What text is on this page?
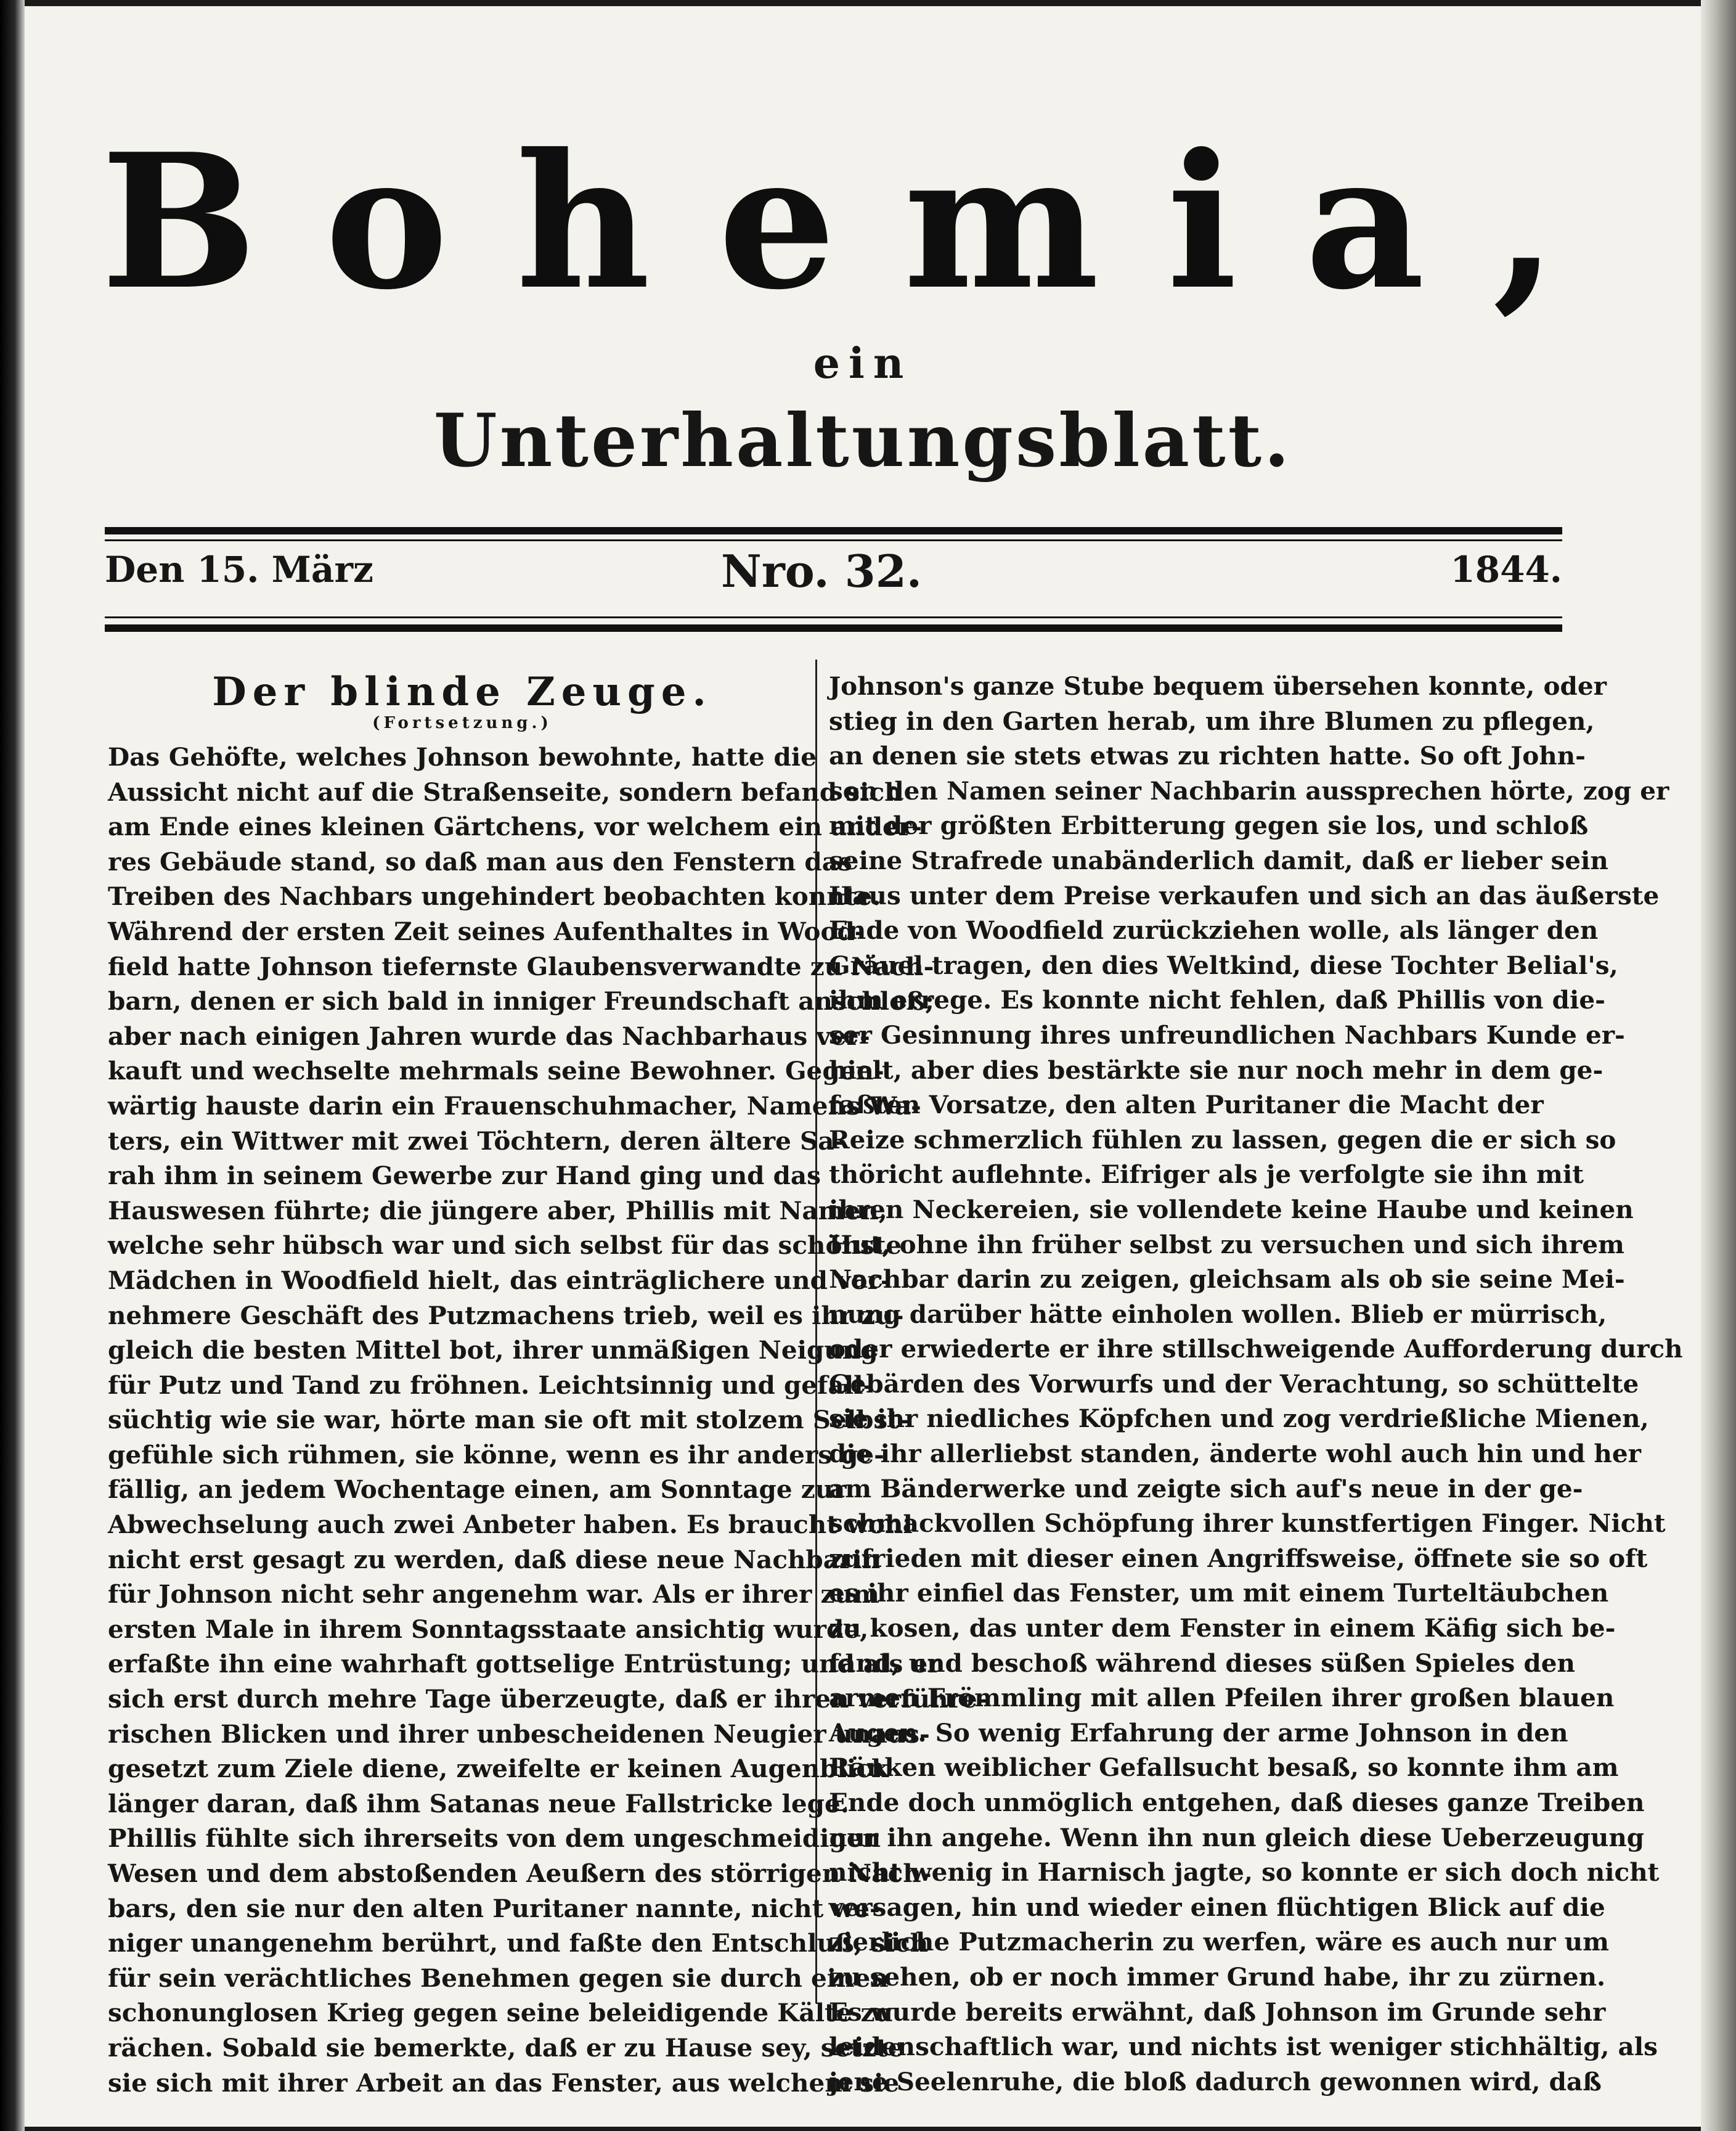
Bohemia,
ein
Unterhaltungsblatt.
Den 15. März	Nro. 32.	1844.
Der blinde Zeuge.
(Fortsetzung.)
Das Gehöfte, welches Johnson bewohnte, hatte die
Aussicht nicht auf die Straßenseite, sondern befand sich
am Ende eines kleinen Gärtchens, vor welchem ein ander-
res Gebäude stand, so daß man aus den Fenstern das
Treiben des Nachbars ungehindert beobachten konnte.
Während der ersten Zeit seines Aufenthaltes in Wood-
field hatte Johnson tiefernste Glaubensverwandte zu Nach-
barn, denen er sich bald in inniger Freundschaft anschloß;
aber nach einigen Jahren wurde das Nachbarhaus ver-
kauft und wechselte mehrmals seine Bewohner. Gegen-
wärtig hauste darin ein Frauenschuhmacher, Namens Wa-
ters, ein Wittwer mit zwei Töchtern, deren ältere Sa-
rah ihm in seinem Gewerbe zur Hand ging und das
Hauswesen führte; die jüngere aber, Phillis mit Namen,
welche sehr hübsch war und sich selbst für das schönste
Mädchen in Woodfield hielt, das einträglichere und vor-
nehmere Geschäft des Putzmachens trieb, weil es ihr zu-
gleich die besten Mittel bot, ihrer unmäßigen Neigung
für Putz und Tand zu fröhnen. Leichtsinnig und gefall-
süchtig wie sie war, hörte man sie oft mit stolzem Selbst-
gefühle sich rühmen, sie könne, wenn es ihr anders ge-
fällig, an jedem Wochentage einen, am Sonntage zur
Abwechselung auch zwei Anbeter haben. Es braucht wohl
nicht erst gesagt zu werden, daß diese neue Nachbarin
für Johnson nicht sehr angenehm war. Als er ihrer zum
ersten Male in ihrem Sonntagsstaate ansichtig wurde,
erfaßte ihn eine wahrhaft gottselige Entrüstung; und als er
sich erst durch mehre Tage überzeugte, daß er ihren verführe-
rischen Blicken und ihrer unbescheidenen Neugier unaus-
gesetzt zum Ziele diene, zweifelte er keinen Augenblick
länger daran, daß ihm Satanas neue Fallstricke lege.
Phillis fühlte sich ihrerseits von dem ungeschmeidigen
Wesen und dem abstoßenden Aeußern des störrigen Nach-
bars, den sie nur den alten Puritaner nannte, nicht we-
niger unangenehm berührt, und faßte den Entschluß, sich
für sein verächtliches Benehmen gegen sie durch einen
schonunglosen Krieg gegen seine beleidigende Kälte zu
rächen. Sobald sie bemerkte, daß er zu Hause sey, setzte
sie sich mit ihrer Arbeit an das Fenster, aus welchem sie
Johnson's ganze Stube bequem übersehen konnte, oder
stieg in den Garten herab, um ihre Blumen zu pflegen,
an denen sie stets etwas zu richten hatte. So oft John-
son den Namen seiner Nachbarin aussprechen hörte, zog er
mit der größten Erbitterung gegen sie los, und schloß
seine Strafrede unabänderlich damit, daß er lieber sein
Haus unter dem Preise verkaufen und sich an das äußerste
Ende von Woodfield zurückziehen wolle, als länger den
Gräuel tragen, den dies Weltkind, diese Tochter Belial's,
ihm errege. Es konnte nicht fehlen, daß Phillis von die-
ser Gesinnung ihres unfreundlichen Nachbars Kunde er-
hielt, aber dies bestärkte sie nur noch mehr in dem ge-
faßten Vorsatze, den alten Puritaner die Macht der
Reize schmerzlich fühlen zu lassen, gegen die er sich so
thöricht auflehnte. Eifriger als je verfolgte sie ihn mit
ihren Neckereien, sie vollendete keine Haube und keinen
Hut, ohne ihn früher selbst zu versuchen und sich ihrem
Nachbar darin zu zeigen, gleichsam als ob sie seine Mei-
nung darüber hätte einholen wollen. Blieb er mürrisch,
oder erwiederte er ihre stillschweigende Aufforderung durch
Gebärden des Vorwurfs und der Verachtung, so schüttelte
sie ihr niedliches Köpfchen und zog verdrießliche Mienen,
die ihr allerliebst standen, änderte wohl auch hin und her
am Bänderwerke und zeigte sich auf's neue in der ge-
schmackvollen Schöpfung ihrer kunstfertigen Finger. Nicht
zufrieden mit dieser einen Angriffsweise, öffnete sie so oft
es ihr einfiel das Fenster, um mit einem Turteltäubchen
zu kosen, das unter dem Fenster in einem Käfig sich be-
fand, und beschoß während dieses süßen Spieles den
armen Frömmling mit allen Pfeilen ihrer großen blauen
Augen. So wenig Erfahrung der arme Johnson in den
Ränken weiblicher Gefallsucht besaß, so konnte ihm am
Ende doch unmöglich entgehen, daß dieses ganze Treiben
nur ihn angehe. Wenn ihn nun gleich diese Ueberzeugung
nicht wenig in Harnisch jagte, so konnte er sich doch nicht
versagen, hin und wieder einen flüchtigen Blick auf die
zierliche Putzmacherin zu werfen, wäre es auch nur um
zu sehen, ob er noch immer Grund habe, ihr zu zürnen.
Es wurde bereits erwähnt, daß Johnson im Grunde sehr
leidenschaftlich war, und nichts ist weniger stichhältig, als
jene Seelenruhe, die bloß dadurch gewonnen wird, daß
